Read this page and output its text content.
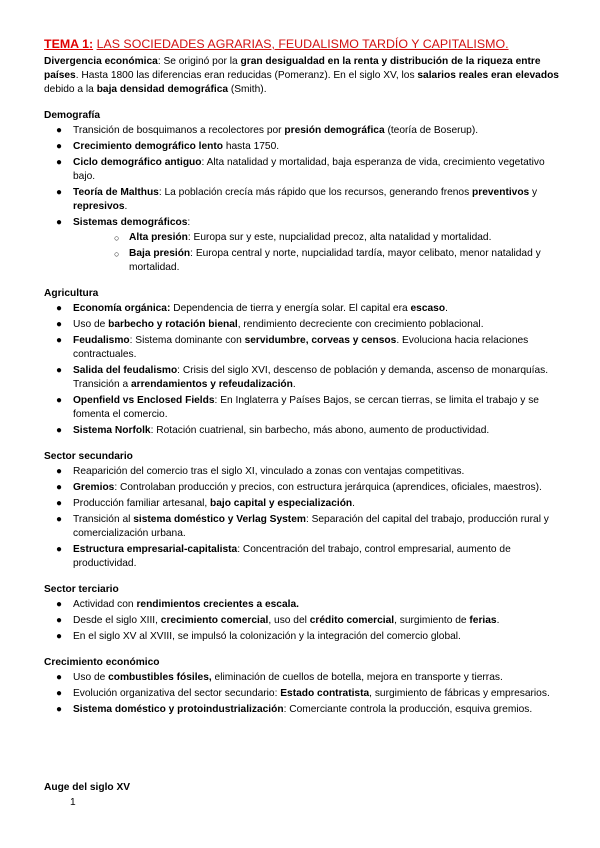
TEMA 1: LAS SOCIEDADES AGRARIAS, FEUDALISMO TARDÍO Y CAPITALISMO.

Divergencia económica: Se originó por la gran desigualdad en la renta y distribución de la riqueza entre países. Hasta 1800 las diferencias eran reducidas (Pomeranz). En el siglo XV, los salarios reales eran elevados debido a la baja densidad demográfica (Smith).

Demografía
●	Transición de bosquimanos a recolectores por presión demográfica (teoría de Boserup).
●	Crecimiento demográfico lento hasta 1750.
●	Ciclo demográfico antiguo: Alta natalidad y mortalidad, baja esperanza de vida, crecimiento vegetativo bajo.
●	Teoría de Malthus: La población crecía más rápido que los recursos, generando frenos preventivos y represivos.
●	Sistemas demográficos:
○ Alta presión: Europa sur y este, nupcialidad precoz, alta natalidad y mortalidad.
○ Baja presión: Europa central y norte, nupcialidad tardía, mayor celibato, menor natalidad y mortalidad.
Agricultura
●	Economía orgánica: Dependencia de tierra y energía solar. El capital era escaso.
●	Uso de barbecho y rotación bienal, rendimiento decreciente con crecimiento poblacional.
●	Feudalismo: Sistema dominante con servidumbre, corveas y censos. Evoluciona hacia relaciones contractuales.
●	Salida del feudalismo: Crisis del siglo XVI, descenso de población y demanda, ascenso de monarquías. Transición a arrendamientos y refeudalización.
●	Openfield vs Enclosed Fields: En Inglaterra y Países Bajos, se cercan tierras, se limita el trabajo y se fomenta el comercio.
●	Sistema Norfolk: Rotación cuatrienal, sin barbecho, más abono, aumento de productividad.
Sector secundario
●	Reaparición del comercio tras el siglo XI, vinculado a zonas con ventajas competitivas.
●	Gremios: Controlaban producción y precios, con estructura jerárquica (aprendices, oficiales, maestros).
●	Producción familiar artesanal, bajo capital y especialización.
●	Transición al sistema doméstico y Verlag System: Separación del capital del trabajo, producción rural y comercialización urbana.
●	Estructura empresarial-capitalista: Concentración del trabajo, control empresarial, aumento de productividad.
Sector terciario
●	Actividad con rendimientos crecientes a escala.
●	Desde el siglo XIII, crecimiento comercial, uso del crédito comercial, surgimiento de ferias.
●	En el siglo XV al XVIII, se impulsó la colonización y la integración del comercio global.
Crecimiento económico
●	Uso de combustibles fósiles, eliminación de cuellos de botella, mejora en transporte y tierras.
●	Evolución organizativa del sector secundario: Estado contratista, surgimiento de fábricas y empresarios.
●	Sistema doméstico y protoindustrialización: Comerciante controla la producción, esquiva gremios.
Auge del siglo XV
1
